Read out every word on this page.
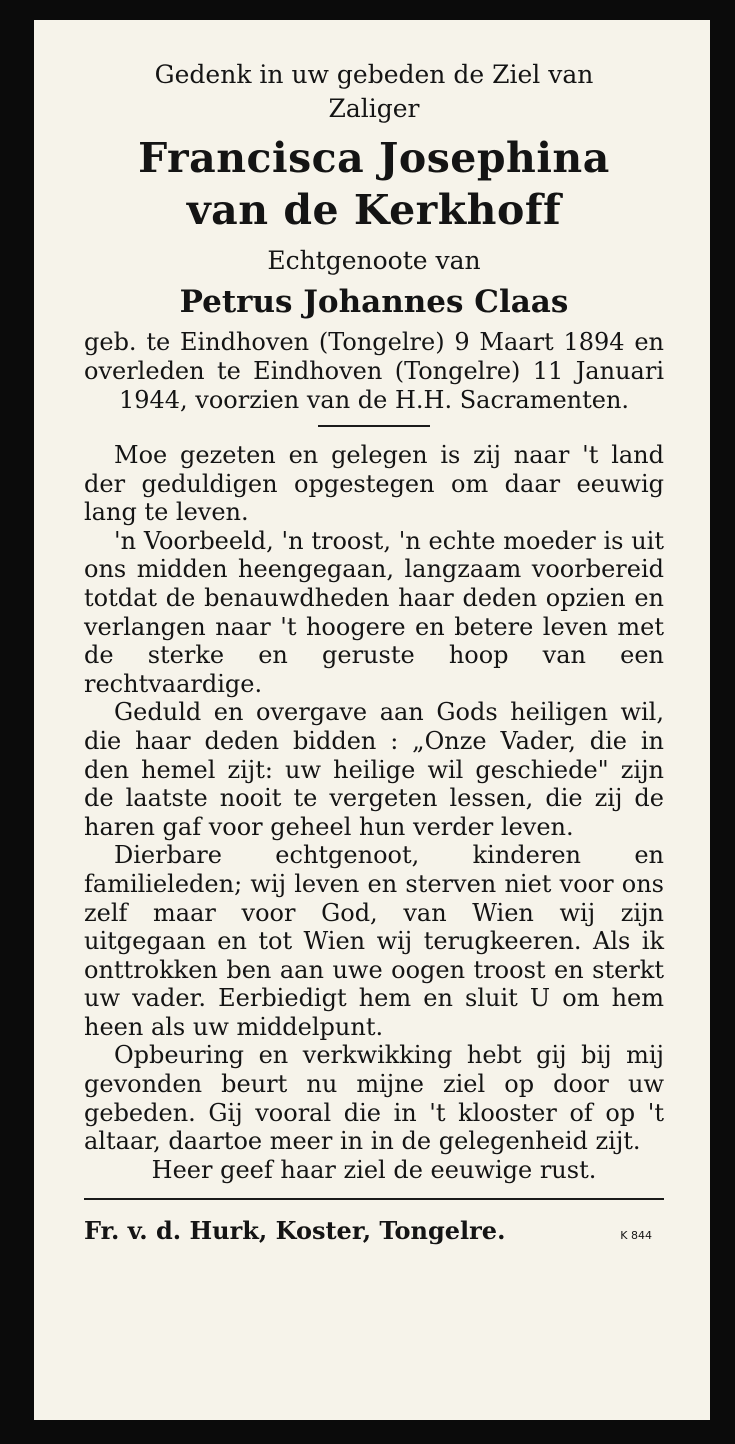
Gedenk in uw gebeden de Ziel van

Zaliger

Francisca Josephina

van de Kerkhoff

Echtgenoote van

Petrus Johannes Claas

geb. te Eindhoven (Tongelre) 9 Maart 1894 en overleden te Eindhoven (Tongelre) 11 Januari 1944, voorzien van de H.H. Sacramenten.

Moe gezeten en gelegen is zij naar 't land der geduldigen opgestegen om daar eeuwig lang te leven.

'n Voorbeeld, 'n troost, 'n echte moeder is uit ons midden heengegaan, langzaam voorbereid totdat de benauwdheden haar deden opzien en verlangen naar 't hoogere en betere leven met de sterke en geruste hoop van een rechtvaardige.

Geduld en overgave aan Gods heiligen wil, die haar deden bidden : „Onze Vader, die in den hemel zijt: uw heilige wil geschiede" zijn de laatste nooit te vergeten lessen, die zij de haren gaf voor geheel hun verder leven.

Dierbare echtgenoot, kinderen en familieleden; wij leven en sterven niet voor ons zelf maar voor God, van Wien wij zijn uitgegaan en tot Wien wij terugkeeren. Als ik onttrokken ben aan uwe oogen troost en sterkt uw vader. Eerbiedigt hem en sluit U om hem heen als uw middelpunt.

Opbeuring en verkwikking hebt gij bij mij gevonden beurt nu mijne ziel op door uw gebeden. Gij vooral die in 't klooster of op 't altaar, daartoe meer in in de gelegenheid zijt.

Heer geef haar ziel de eeuwige rust.

Fr. v. d. Hurk, Koster, Tongelre.	K 844
